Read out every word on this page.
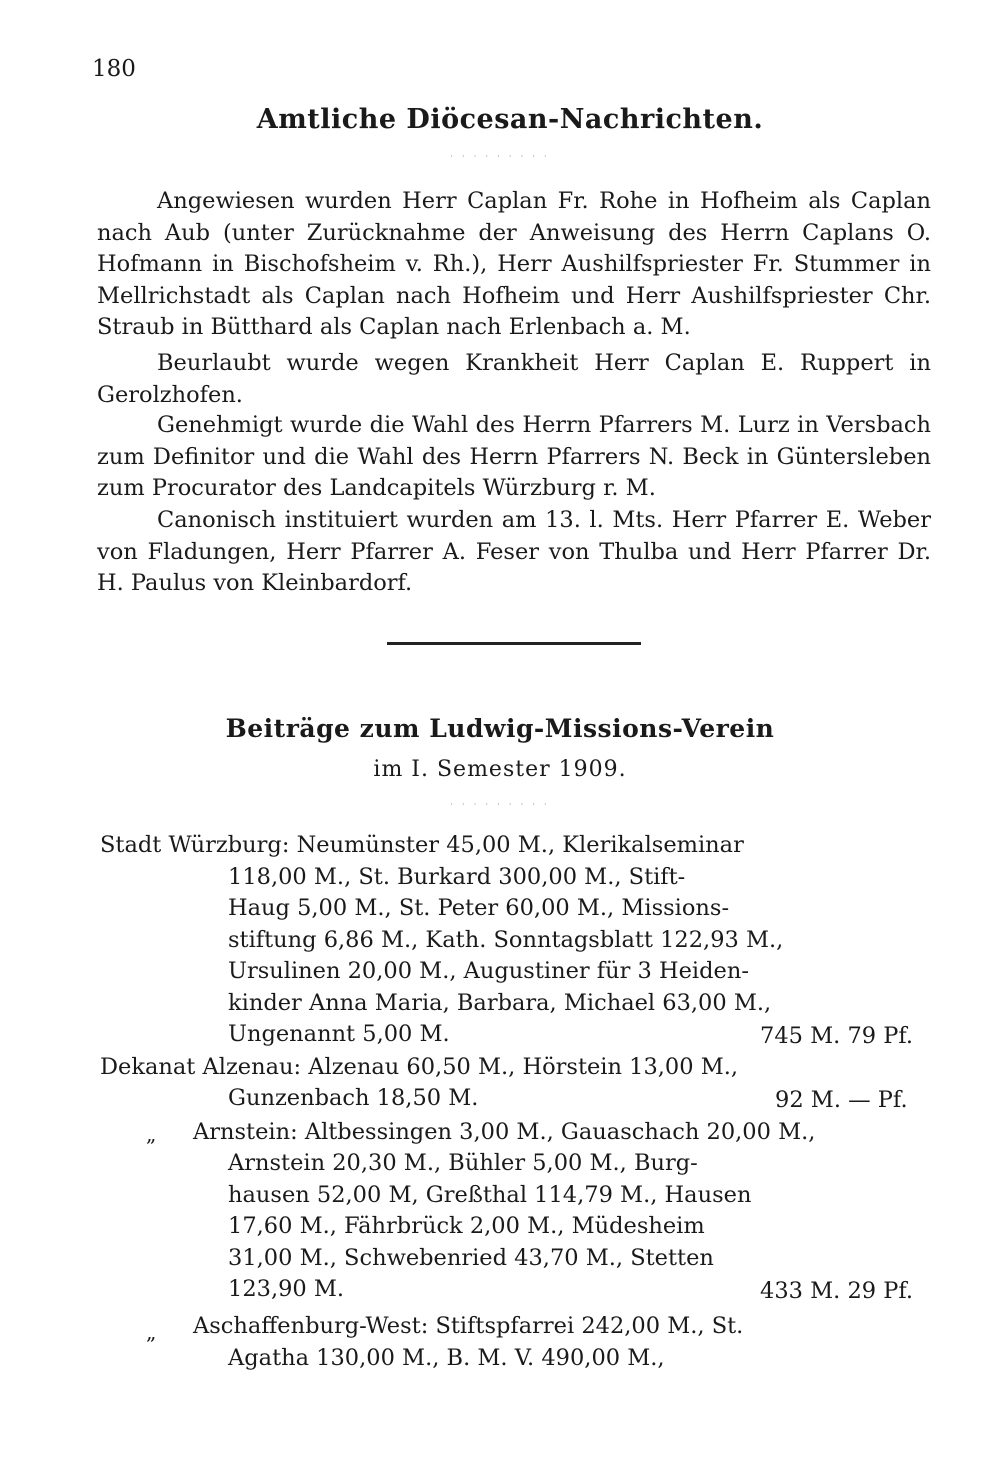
180
Amtliche Diöcesan-Nachrichten.
· · · · · · · · ·

Angewiesen wurden Herr Caplan Fr. Rohe in Hofheim als Caplan nach Aub (unter Zurücknahme der Anweisung des Herrn Caplans O. Hofmann in Bischofsheim v. Rh.), Herr Aushilfspriester Fr. Stummer in Mellrichstadt als Caplan nach Hofheim und Herr Aushilfspriester Chr. Straub in Bütthard als Caplan nach Erlenbach a. M.

Beurlaubt wurde wegen Krankheit Herr Caplan E. Ruppert in Gerolzhofen.

Genehmigt wurde die Wahl des Herrn Pfarrers M. Lurz in Versbach zum Definitor und die Wahl des Herrn Pfarrers N. Beck in Güntersleben zum Procurator des Landcapitels Würzburg r. M.

Canonisch instituiert wurden am 13. l. Mts. Herr Pfarrer E. Weber von Fladungen, Herr Pfarrer A. Feser von Thulba und Herr Pfarrer Dr. H. Paulus von Kleinbardorf.

Beiträge zum Ludwig-Missions-Verein
im I. Semester 1909.
· · · · · · · · ·
Stadt Würzburg: Neumünster 45,00 M., Klerikalseminar
118,00 M., St. Burkard 300,00 M., Stift-
Haug 5,00 M., St. Peter 60,00 M., Missions-
stiftung 6,86 M., Kath. Sonntagsblatt 122,93 M.,
Ursulinen 20,00 M., Augustiner für 3 Heiden-
kinder Anna Maria, Barbara, Michael 63,00 M.,
Ungenannt 5,00 M.	745 M. 79 Pf.
Dekanat Alzenau: Alzenau 60,50 M., Hörstein 13,00 M.,
Gunzenbach 18,50 M.	92 M. — Pf.
„ Arnstein: Altbessingen 3,00 M., Gauaschach 20,00 M.,
Arnstein 20,30 M., Bühler 5,00 M., Burg-
hausen 52,00 M, Greßthal 114,79 M., Hausen
17,60 M., Fährbrück 2,00 M., Müdesheim
31,00 M., Schwebenried 43,70 M., Stetten
123,90 M.	433 M. 29 Pf.
„ Aschaffenburg-West: Stiftspfarrei 242,00 M., St.
Agatha 130,00 M., B. M. V. 490,00 M.,
